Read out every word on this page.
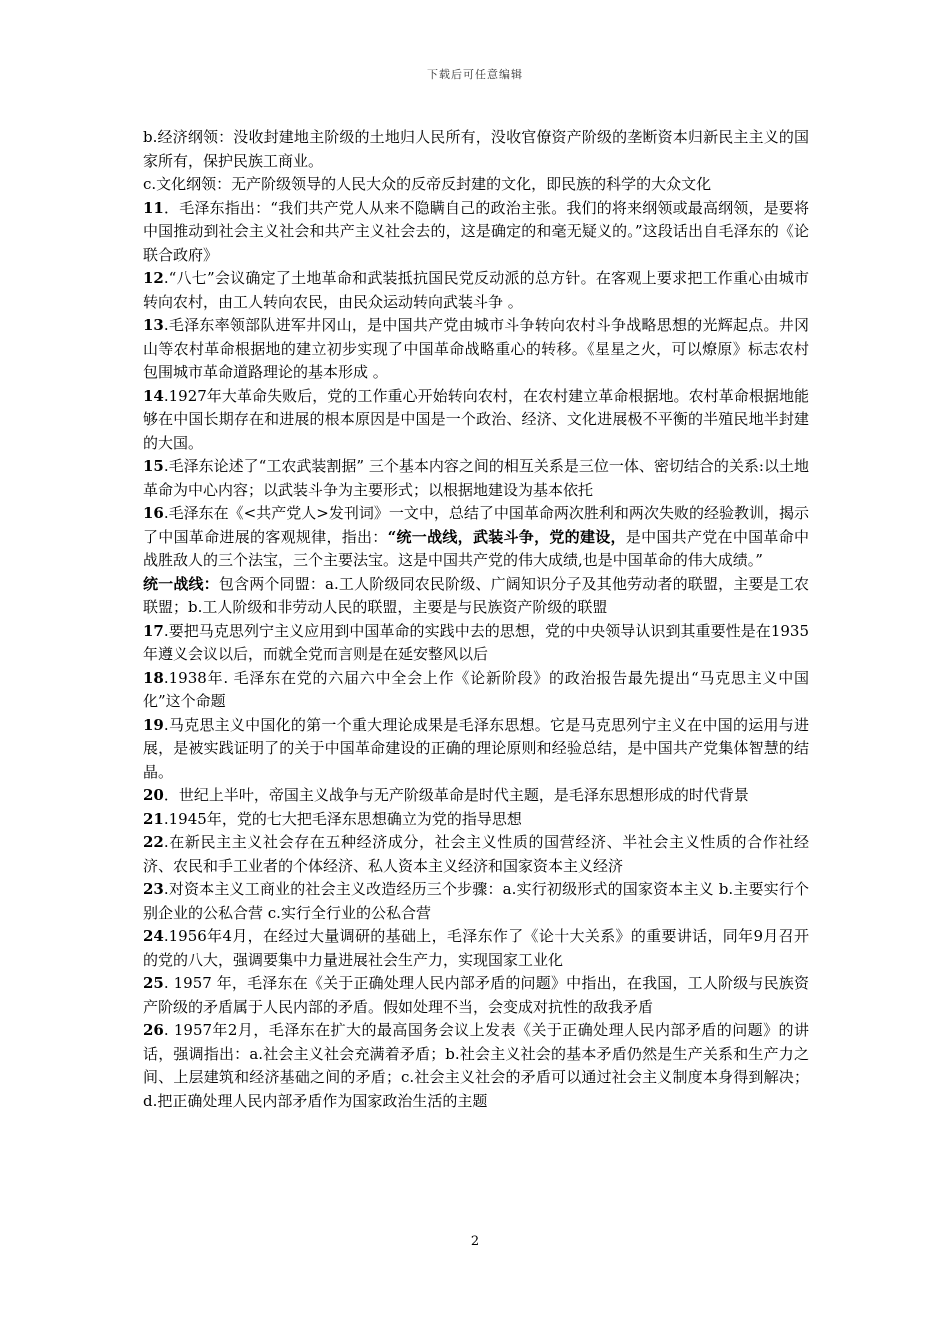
下载后可任意编辑

b.经济纲领：没收封建地主阶级的土地归人民所有，没收官僚资产阶级的垄断资本归新民主主义的国家所有，保护民族工商业。

c.文化纲领：无产阶级领导的人民大众的反帝反封建的文化，即民族的科学的大众文化

11．毛泽东指出：“我们共产党人从来不隐瞒自己的政治主张。我们的将来纲领或最高纲领，是要将中国推动到社会主义社会和共产主义社会去的，这是确定的和毫无疑义的。”这段话出自毛泽东的《论联合政府》

12.“八七”会议确定了土地革命和武装抵抗国民党反动派的总方针。在客观上要求把工作重心由城市转向农村，由工人转向农民，由民众运动转向武装斗争 。

13.毛泽东率领部队进军井冈山，是中国共产党由城市斗争转向农村斗争战略思想的光辉起点。井冈山等农村革命根据地的建立初步实现了中国革命战略重心的转移。《星星之火，可以燎原》标志农村包围城市革命道路理论的基本形成 。

14.1927年大革命失败后，党的工作重心开始转向农村，在农村建立革命根据地。农村革命根据地能够在中国长期存在和进展的根本原因是中国是一个政治、经济、文化进展极不平衡的半殖民地半封建的大国。

15.毛泽东论述了“工农武装割据” 三个基本内容之间的相互关系是三位一体、密切结合的关系:以土地革命为中心内容；以武装斗争为主要形式；以根据地建设为基本依托

16.毛泽东在《<共产党人>发刊词》一文中，总结了中国革命两次胜利和两次失败的经验教训，揭示了中国革命进展的客观规律，指出：“统一战线，武装斗争，党的建设，是中国共产党在中国革命中战胜敌人的三个法宝，三个主要法宝。这是中国共产党的伟大成绩,也是中国革命的伟大成绩。”

统一战线：包含两个同盟：a.工人阶级同农民阶级、广阔知识分子及其他劳动者的联盟，主要是工农联盟；b.工人阶级和非劳动人民的联盟，主要是与民族资产阶级的联盟

17.要把马克思列宁主义应用到中国革命的实践中去的思想，党的中央领导认识到其重要性是在1935年遵义会议以后，而就全党而言则是在延安整风以后

18.1938年. 毛泽东在党的六届六中全会上作《论新阶段》的政治报告最先提出“马克思主义中国化”这个命题

19.马克思主义中国化的第一个重大理论成果是毛泽东思想。它是马克思列宁主义在中国的运用与进展，是被实践证明了的关于中国革命建设的正确的理论原则和经验总结，是中国共产党集体智慧的结晶。

20．世纪上半叶，帝国主义战争与无产阶级革命是时代主题，是毛泽东思想形成的时代背景

21.1945年，党的七大把毛泽东思想确立为党的指导思想

22.在新民主主义社会存在五种经济成分，社会主义性质的国营经济、半社会主义性质的合作社经济、农民和手工业者的个体经济、私人资本主义经济和国家资本主义经济

23.对资本主义工商业的社会主义改造经历三个步骤：a.实行初级形式的国家资本主义 b.主要实行个别企业的公私合营 c.实行全行业的公私合营

24.1956年4月，在经过大量调研的基础上，毛泽东作了《论十大关系》的重要讲话，同年9月召开的党的八大，强调要集中力量进展社会生产力，实现国家工业化

25. 1957 年，毛泽东在《关于正确处理人民内部矛盾的问题》中指出，在我国，工人阶级与民族资产阶级的矛盾属于人民内部的矛盾。假如处理不当，会变成对抗性的敌我矛盾

26. 1957年2月，毛泽东在扩大的最高国务会议上发表《关于正确处理人民内部矛盾的问题》的讲话，强调指出：a.社会主义社会充满着矛盾；b.社会主义社会的基本矛盾仍然是生产关系和生产力之间、上层建筑和经济基础之间的矛盾；c.社会主义社会的矛盾可以通过社会主义制度本身得到解决；d.把正确处理人民内部矛盾作为国家政治生活的主题

2
